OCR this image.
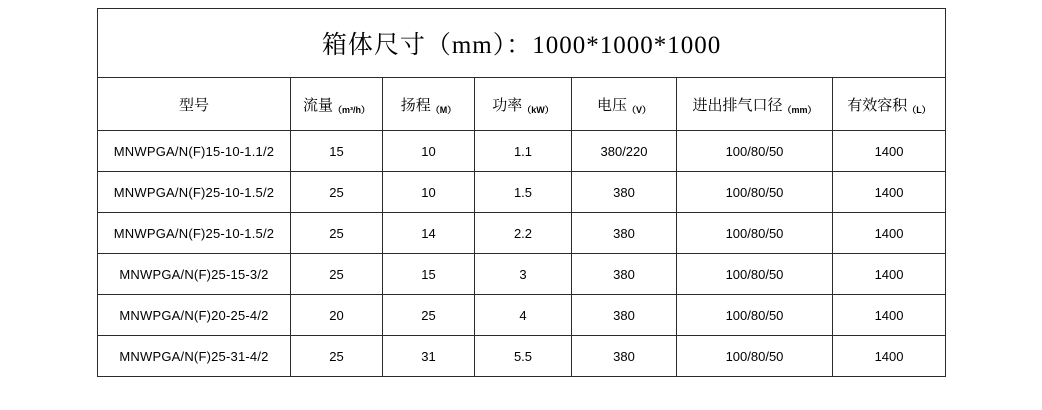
箱体尺寸（mm）：1000*1000*1000						
型号	流量$_{(m^3/h)}$	扬程$_{(M)}$	功率$_{(kW)}$	电压$_{(V)}$	进出排气口径$_{(mm)}$	有效容积$_{(L)}$
MNWPGA/N(F)15-10-1.1/2	15	10	1.1	380/220	100/80/50	1400
MNWPGA/N(F)25-10-1.5/2	25	10	1.5	380	100/80/50	1400
MNWPGA/N(F)25-10-1.5/2	25	14	2.2	380	100/80/50	1400
MNWPGA/N(F)25-15-3/2	25	15	3	380	100/80/50	1400
MNWPGA/N(F)20-25-4/2	20	25	4	380	100/80/50	1400
MNWPGA/N(F)25-31-4/2	25	31	5.5	380	100/80/50	1400
